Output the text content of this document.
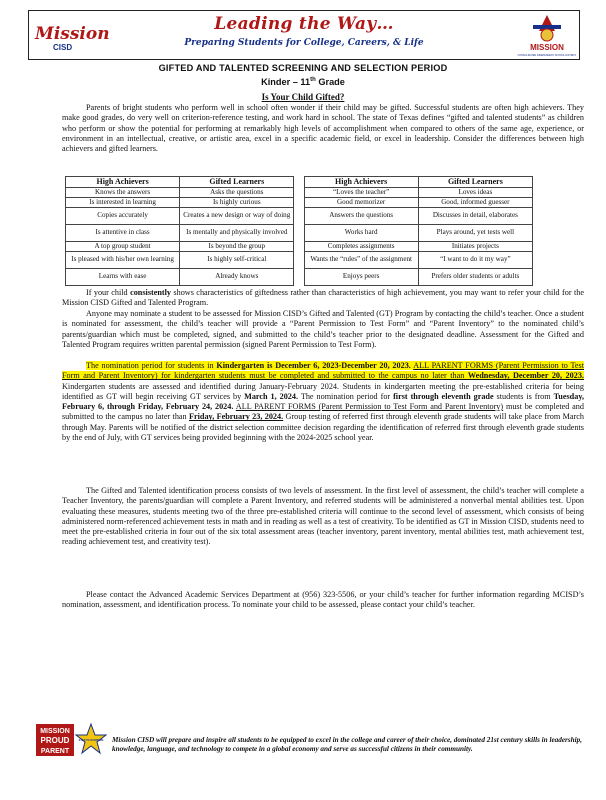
Mission
CISD
Leading the Way…
Preparing Students for College, Careers, & Life	MISSION
CONSOLIDATED INDEPENDENT SCHOOL DISTRICT
GIFTED AND TALENTED SCREENING AND SELECTION PERIOD
Kinder – 11th Grade
Is Your Child Gifted?

Parents of bright students who perform well in school often wonder if their child may be gifted. Successful students are often high achievers. They make good grades, do very well on criterion-reference testing, and work hard in school. The state of Texas defines “gifted and talented students” as children who perform or show the potential for performing at remarkably high levels of accomplishment when compared to others of the same age, experience, or environment in an intellectual, creative, or artistic area, excel in a specific academic field, or excel in leadership. Consider the differences between high achievers and gifted learners.

High Achievers	Gifted Learners		High Achievers	Gifted Learners
Knows the answers	Asks the questions		“Loves the teacher”	Loves ideas
Is interested in learning	Is highly curious		Good memorizer	Good, informed guesser
Copies accurately	Creates a new design or way of doing		Answers the questions	Discusses in detail, elaborates
Is attentive in class	Is mentally and physically involved		Works hard	Plays around, yet tests well
A top group student	Is beyond the group		Completes assignments	Initiates projects
Is pleased with his/her own learning	Is highly self-critical		Wants the “rules” of the assignment	“I want to do it my way”
Learns with ease	Already knows		Enjoys peers	Prefers older students or adults

If your child consistently shows characteristics of giftedness rather than characteristics of high achievement, you may want to refer your child for the Mission CISD Gifted and Talented Program.

Anyone may nominate a student to be assessed for Mission CISD’s Gifted and Talented (GT) Program by contacting the child’s teacher. Once a student is nominated for assessment, the child’s teacher will provide a “Parent Permission to Test Form” and “Parent Inventory” to the nominated child’s parents/guardian which must be completed, signed, and submitted to the child’s teacher prior to the designated deadline. Assessment for the Gifted and Talented Program requires written parental permission (signed Parent Permission to Test Form).

The nomination period for students in Kindergarten is December 6, 2023-December 20, 2023. ALL PARENT FORMS (Parent Permission to Test Form and Parent Inventory) for kindergarten students must be completed and submitted to the campus no later than Wednesday, December 20, 2023. Kindergarten students are assessed and identified during January-February 2024. Students in kindergarten meeting the pre-established criteria for being identified as GT will begin receiving GT services by March 1, 2024. The nomination period for first through eleventh grade students is from Tuesday, February 6, through Friday, February 24, 2024. ALL PARENT FORMS (Parent Permission to Test Form and Parent Inventory) must be completed and submitted to the campus no later than Friday, February 23, 2024. Group testing of referred first through eleventh grade students will take place from March through May. Parents will be notified of the district selection committee decision regarding the identification of referred first through eleventh grade students by the end of July, with GT services being provided beginning with the 2024-2025 school year.

The Gifted and Talented identification process consists of two levels of assessment. In the first level of assessment, the child’s teacher will complete a Teacher Inventory, the parents/guardian will complete a Parent Inventory, and referred students will be administered a nonverbal mental abilities test. Upon evaluating these measures, students meeting two of the three pre-established criteria will continue to the second level of assessment, which consists of being administered norm-referenced achievement tests in math and in reading as well as a test of creativity. To be identified as GT in Mission CISD, students need to meet the pre-established criteria in four out of the six total assessment areas (teacher inventory, parent inventory, mental abilities test, math achievement test, reading achievement test, and creativity test).

Please contact the Advanced Academic Services Department at (956) 323-5506, or your child’s teacher for further information regarding MCISD’s nomination, assessment, and identification process. To nominate your child to be assessed, please contact your child’s teacher.

MISSION
PROUD
PARENT
STEP TO STARDOM Mission CISD will prepare and inspire all students to be equipped to excel in the college and career of their choice, dominated 21st century skills in leadership, knowledge, language, and technology to compete in a global economy and serve as successful citizens in their community.
